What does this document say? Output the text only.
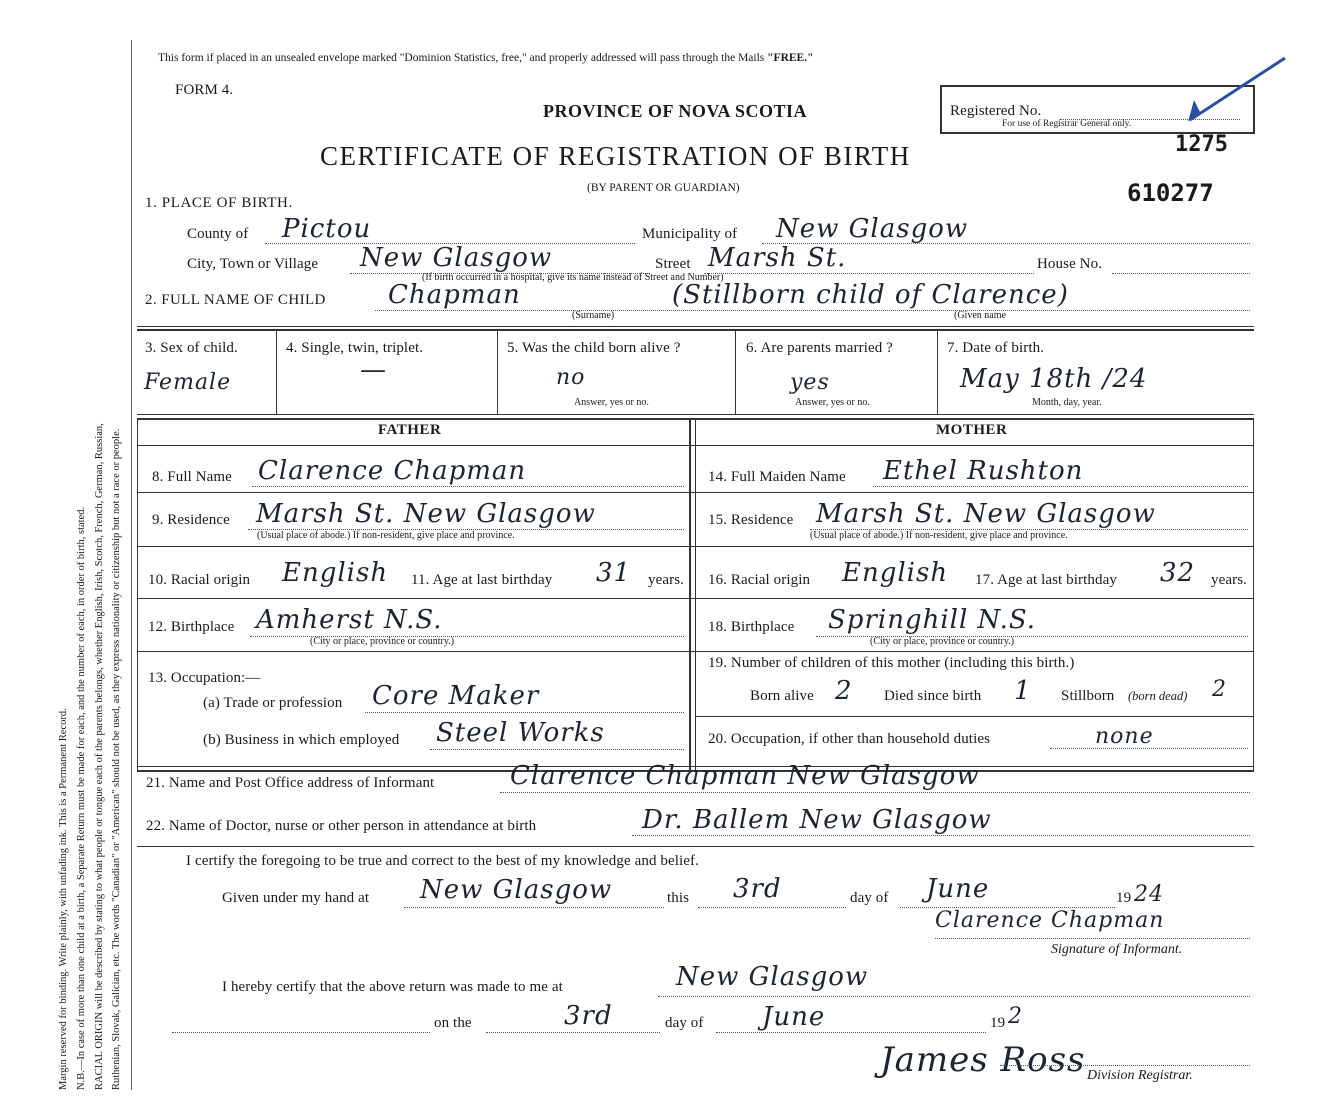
Margin reserved for binding. Write plainly, with unfading ink. This is a Permanent Record. N.B.—In case of more than one child at a birth, a Separate Return must be made for each, and the number of each, in order of birth, stated. RACIAL ORIGIN will be described by stating to what people or tongue each of the parents belongs, whether English, Irish, Scotch, French, German, Russian, Ruthenian, Slovak, Galician, etc. The words "Canadian" or "American" should not be used, as they express nationality or citizenship but not a race or people.
This form if placed in an unsealed envelope marked "Dominion Statistics, free," and properly addressed will pass through the Mails "FREE."
FORM 4.
PROVINCE OF NOVA SCOTIA
CERTIFICATE OF REGISTRATION OF BIRTH
(BY PARENT OR GUARDIAN)
Registered No.
For use of Registrar General only.
1275
610277
1. PLACE OF BIRTH.
County of Pictou	Municipality of New Glasgow
City, Town or Village New Glasgow	Street Marsh St.	House No.
(If birth occurred in a hospital, give its name instead of Street and Number)
2. FULL NAME OF CHILD Chapman	(Stillborn child of Clarence)
(Surname)	(Given name
3. Sex of child.
Female
4. Single, twin, triplet.
—
5. Was the child born alive ?
no
Answer, yes or no.
6. Are parents married ?
yes
Answer, yes or no.
7. Date of birth.
May 18th /24
Month, day, year.
FATHER	MOTHER
8. Full Name Clarence Chapman	14. Full Maiden Name Ethel Rushton
9. Residence Marsh St. New Glasgow
(Usual place of abode.) If non-resident, give place and province.
15. Residence Marsh St. New Glasgow
(Usual place of abode.) If non-resident, give place and province.
10. Racial origin English 11. Age at last birthday 31 years. 16. Racial origin English 17. Age at last birthday 32 years.
12. Birthplace Amherst N.S.
(City or place, province or country.)
18. Birthplace Springhill N.S.
(City or place, province or country.)
13. Occupation:—
(a) Trade or profession Core Maker
19. Number of children of this mother (including this birth.)
Born alive 2 Died since birth 1 Stillborn (born dead) 2
(b) Business in which employed Steel Works	20. Occupation, if other than household duties	none
21. Name and Post Office address of Informant	Clarence Chapman New Glasgow
22. Name of Doctor, nurse or other person in attendance at birth	Dr. Ballem New Glasgow
I certify the foregoing to be true and correct to the best of my knowledge and belief.
Given under my hand at New Glasgow	this 3rd	day of June	19 24
Clarence Chapman
Signature of Informant.
I hereby certify that the above return was made to me at	New Glasgow
on the	3rd	day of June	19 2
James Ross Division Registrar.
